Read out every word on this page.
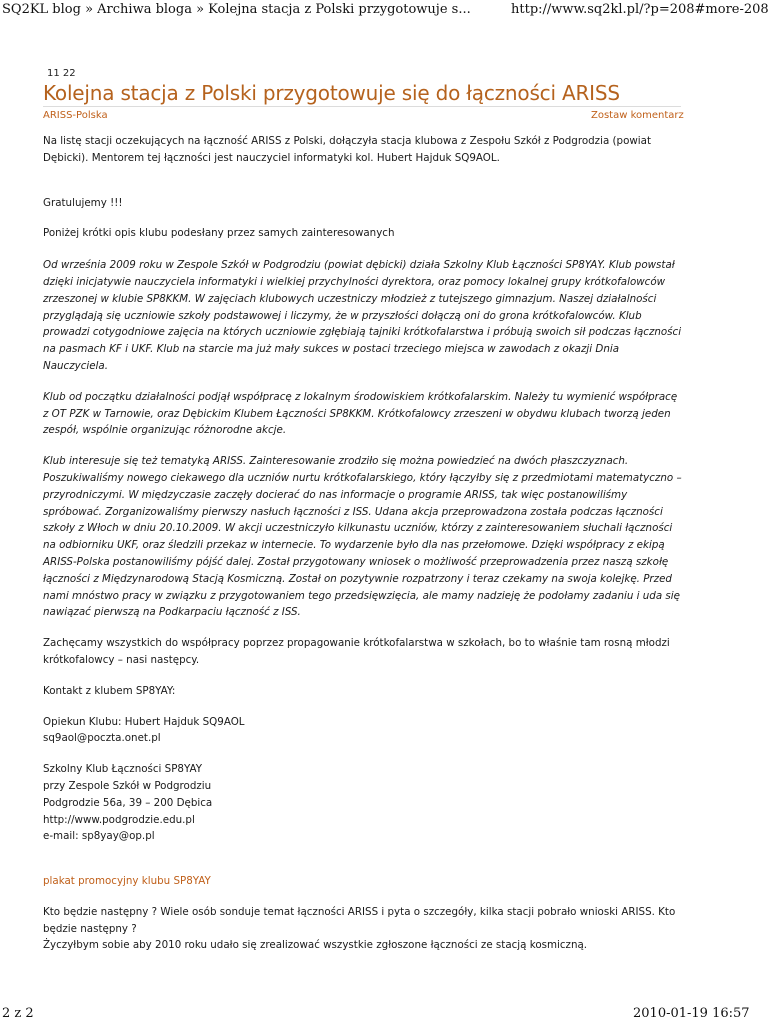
SQ2KL blog » Archiwa bloga » Kolejna stacja z Polski przygotowuje s...	http://www.sq2kl.pl/?p=208#more-208
11 22
Kolejna stacja z Polski przygotowuje się do łączności ARISS
ARISS-Polska	Zostaw komentarz

Na listę stacji oczekujących na łączność ARISS z Polski, dołączyła stacja klubowa z Zespołu Szkół z Podgrodzia (powiat Dębicki). Mentorem tej łączności jest nauczyciel informatyki kol. Hubert Hajduk SQ9AOL.

Gratulujemy !!!

Poniżej krótki opis klubu podesłany przez samych zainteresowanych

Od września 2009 roku w Zespole Szkół w Podgrodziu (powiat dębicki) działa Szkolny Klub Łączności SP8YAY. Klub powstał dzięki inicjatywie nauczyciela informatyki i wielkiej przychylności dyrektora, oraz pomocy lokalnej grupy krótkofalowców zrzeszonej w klubie SP8KKM. W zajęciach klubowych uczestniczy młodzież z tutejszego gimnazjum. Naszej działalności przyglądają się uczniowie szkoły podstawowej i liczymy, że w przyszłości dołączą oni do grona krótkofalowców. Klub prowadzi cotygodniowe zajęcia na których uczniowie zgłębiają tajniki krótkofalarstwa i próbują swoich sił podczas łączności na pasmach KF i UKF. Klub na starcie ma już mały sukces w postaci trzeciego miejsca w zawodach z okazji Dnia Nauczyciela.

Klub od początku działalności podjął współpracę z lokalnym środowiskiem krótkofalarskim. Należy tu wymienić współpracę z OT PZK w Tarnowie, oraz Dębickim Klubem Łączności SP8KKM. Krótkofalowcy zrzeszeni w obydwu klubach tworzą jeden zespół, wspólnie organizując różnorodne akcje.

Klub interesuje się też tematyką ARISS. Zainteresowanie zrodziło się można powiedzieć na dwóch płaszczyznach. Poszukiwaliśmy nowego ciekawego dla uczniów nurtu krótkofalarskiego, który łączyłby się z przedmiotami matematyczno – przyrodniczymi. W międzyczasie zaczęły docierać do nas informacje o programie ARISS, tak więc postanowiliśmy spróbować. Zorganizowaliśmy pierwszy nasłuch łączności z ISS. Udana akcja przeprowadzona została podczas łączności szkoły z Włoch w dniu 20.10.2009. W akcji uczestniczyło kilkunastu uczniów, którzy z zainteresowaniem słuchali łączności na odbiorniku UKF, oraz śledzili przekaz w internecie. To wydarzenie było dla nas przełomowe. Dzięki współpracy z ekipą ARISS-Polska postanowiliśmy pójść dalej. Został przygotowany wniosek o możliwość przeprowadzenia przez naszą szkołę łączności z Międzynarodową Stacją Kosmiczną. Został on pozytywnie rozpatrzony i teraz czekamy na swoja kolejkę. Przed nami mnóstwo pracy w związku z przygotowaniem tego przedsięwzięcia, ale mamy nadzieję że podołamy zadaniu i uda się nawiązać pierwszą na Podkarpaciu łączność z ISS.

Zachęcamy wszystkich do współpracy poprzez propagowanie krótkofalarstwa w szkołach, bo to właśnie tam rosną młodzi krótkofalowcy – nasi następcy.

Kontakt z klubem SP8YAY:

Opiekun Klubu: Hubert Hajduk SQ9AOL
sq9aol@poczta.onet.pl

Szkolny Klub Łączności SP8YAY
przy Zespole Szkół w Podgrodziu
Podgrodzie 56a, 39 – 200 Dębica
http://www.podgrodzie.edu.pl
e-mail: sp8yay@op.pl

plakat promocyjny klubu SP8YAY

Kto będzie następny ? Wiele osób sonduje temat łączności ARISS i pyta o szczegóły, kilka stacji pobrało wnioski ARISS. Kto będzie następny ?
Życzyłbym sobie aby 2010 roku udało się zrealizować wszystkie zgłoszone łączności ze stacją kosmiczną.

2 z 2	2010-01-19 16:57
